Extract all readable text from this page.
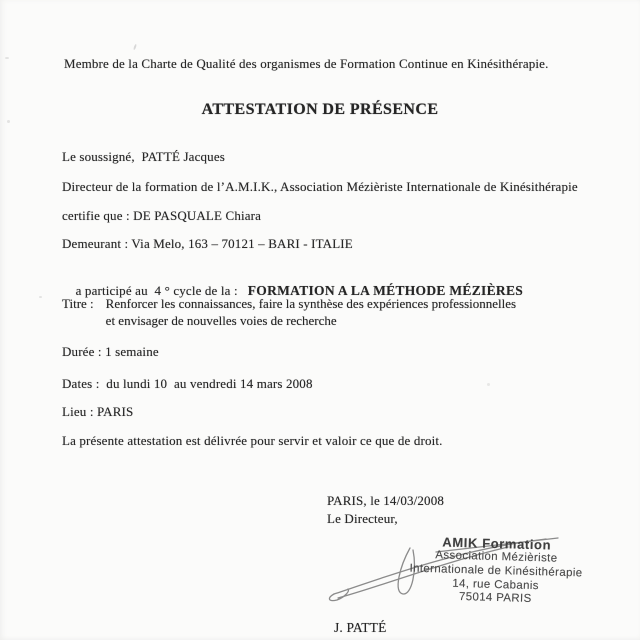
Membre de la Charte de Qualité des organismes de Formation Continue en Kinésithérapie.
ATTESTATION DE PRÉSENCE
Le soussigné,  PATTÉ Jacques
Directeur de la formation de l’A.M.I.K., Association Mézièriste Internationale de Kinésithérapie
certifie que : DE PASQUALE Chiara
Demeurant : Via Melo, 163 – 70121 – BARI - ITALIE

a participé au  4 ° cycle de la : FORMATION A LA MÉTHODE MÉZIÈRES

Titre : Renforcer les connaissances, faire la synthèse des expériences professionnelles
et envisager de nouvelles voies de recherche
Durée : 1 semaine
Dates :  du lundi 10  au vendredi 14 mars 2008
Lieu : PARIS
La présente attestation est délivrée pour servir et valoir ce que de droit.
PARIS, le 14/03/2008
Le Directeur,
AMIK Formation
Association Mézièriste
Internationale de Kinésithérapie
14, rue Cabanis
75014 PARIS
J. PATTÉ
